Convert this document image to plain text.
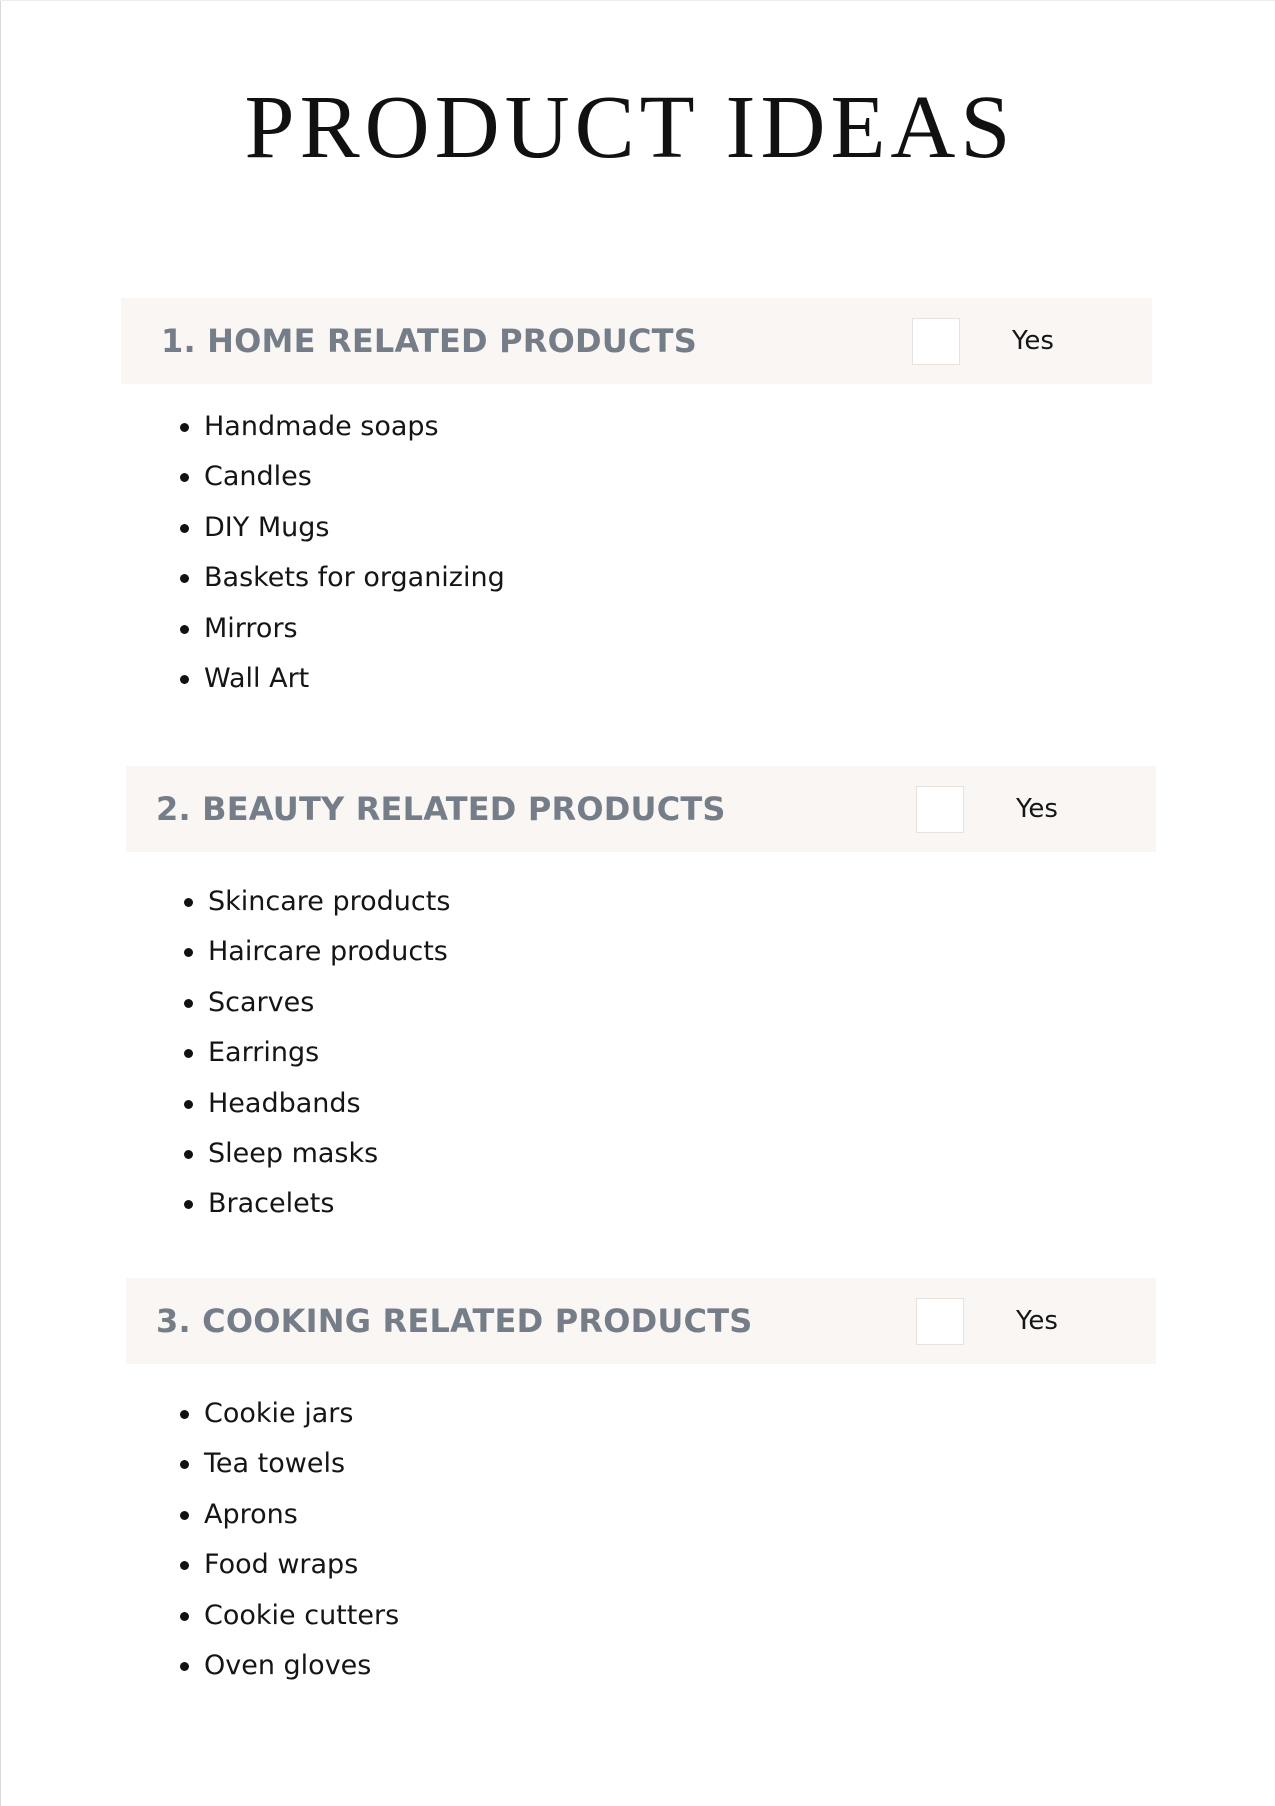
PRODUCT IDEAS
1. HOME RELATED PRODUCTS	Yes
Handmade soaps
Candles
DIY Mugs
Baskets for organizing
Mirrors
Wall Art
2. BEAUTY RELATED PRODUCTS	Yes
Skincare products
Haircare products
Scarves
Earrings
Headbands
Sleep masks
Bracelets
3. COOKING RELATED PRODUCTS	Yes
Cookie jars
Tea towels
Aprons
Food wraps
Cookie cutters
Oven gloves
